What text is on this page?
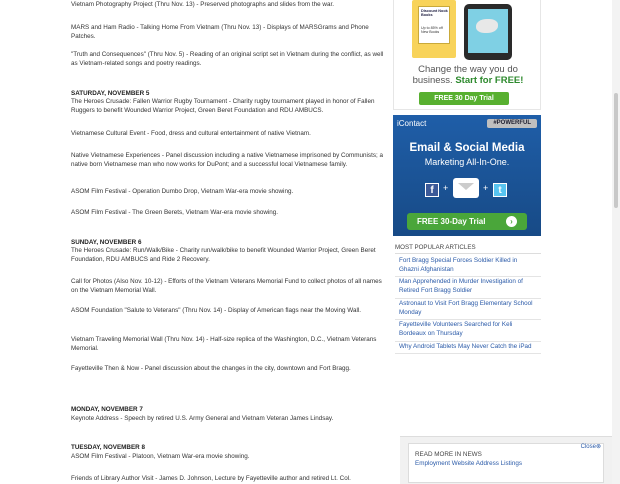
Vietnam Photography Project (Thru Nov. 13) - Preserved photographs and slides from the war.

MARS and Ham Radio - Talking Home From Vietnam (Thru Nov. 13) - Displays of MARSGrams and Phone Patches.

"Truth and Consequences" (Thru Nov. 5) - Reading of an original script set in Vietnam during the conflict, as well as Vietnam-related songs and poetry readings.

SATURDAY, NOVEMBER 5

The Heroes Crusade: Fallen Warrior Rugby Tournament - Charity rugby tournament played in honor of Fallen Ruggers to benefit Wounded Warrior Project, Green Beret Foundation and RDU AMBUCS.

Vietnamese Cultural Event - Food, dress and cultural entertainment of native Vietnam.

Native Vietnamese Experiences - Panel discussion including a native Vietnamese imprisoned by Communists; a native born Vietnamese man who now works for DuPont; and a successful local Vietnamese family.

ASOM Film Festival - Operation Dumbo Drop, Vietnam War-era movie showing.

ASOM Film Festival - The Green Berets, Vietnam War-era movie showing.

SUNDAY, NOVEMBER 6

The Heroes Crusade: Run/Walk/Bike - Charity run/walk/bike to benefit Wounded Warrior Project, Green Beret Foundation, RDU AMBUCS and Ride 2 Recovery.

Call for Photos (Also Nov. 10-12) - Efforts of the Vietnam Veterans Memorial Fund to collect photos of all names on the Vietnam Memorial Wall.

ASOM Foundation "Salute to Veterans" (Thru Nov. 14) - Display of American flags near the Moving Wall.

Vietnam Traveling Memorial Wall (Thru Nov. 14) - Half-size replica of the Washington, D.C., Vietnam Veterans Memorial.

Fayetteville Then & Now - Panel discussion about the changes in the city, downtown and Fort Bragg.

MONDAY, NOVEMBER 7

Keynote Address - Speech by retired U.S. Army General and Vietnam Veteran James Lindsay.

TUESDAY, NOVEMBER 8

ASOM Film Festival - Platoon, Vietnam War-era movie showing.

Friends of Library Author Visit - James D. Johnson, Lecture by Fayetteville author and retired Lt. Col.

Discount Nook Books
Up to 85% off New Books
Change the way you do
business. Start for FREE!
FREE 30 Day Trial
iContact	#POWERFUL
Email & Social Media
Marketing All-In-One.
f	+	+	t
FREE 30-Day Trial	›
MOST POPULAR ARTICLES
Fort Bragg Special Forces Soldier Killed in Ghazni Afghanistan
Man Apprehended in Murder Investigation of Retired Fort Bragg Soldier
Astronaut to Visit Fort Bragg Elementary School Monday
Fayetteville Volunteers Searched for Keli Bordeaux on Thursday
Why Android Tablets May Never Catch the iPad
READ MORE IN NEWS
Employment Website Address Listings
Close⊗
